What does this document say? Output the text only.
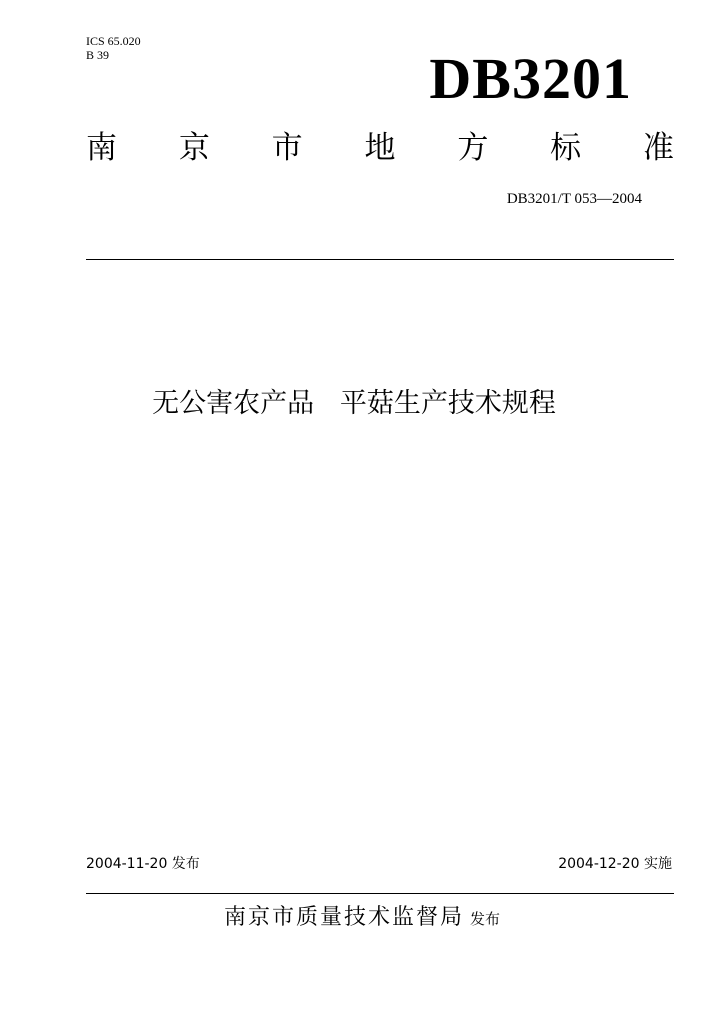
ICS 65.020
B 39	DB3201
南 京 市 地 方 标 准
DB3201/T 053—2004
无公害农产品   平菇生产技术规程
2004-11-20 发布	2004-12-20 实施
南京市质量技术监督局 发布
